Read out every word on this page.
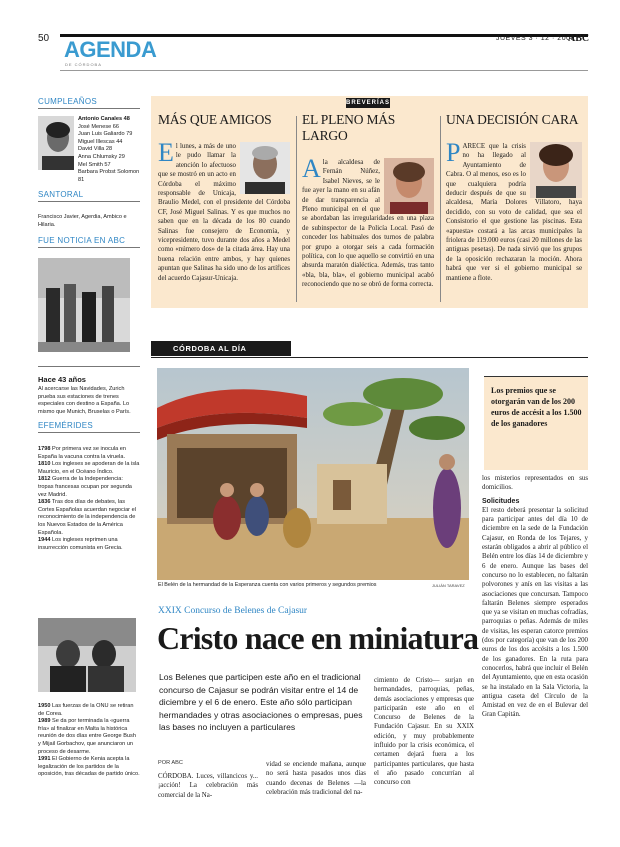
50 AGENDA
DE CÓRDOBA
JUEVES 3 · 12 · 2009
ABC
CUMPLEAÑOS
Antonio Canales 48
José Menese 66
Juan Luis Galiardo 79
Miguel Illescas 44
David Villa 28
Anna Chlumsky 29
Mel Smith 57
Barbara Probst Solomon 81
SANTORAL
Francisco Javier, Agerdia, Ambico e Hilaria.
FUE NOTICIA EN ABC
Hace 43 años
Al acercarse las Navidades, Zurich prueba sus estaciones de trenes especiales con destino a España. Lo mismo que Munich, Bruselas o París.
EFEMÉRIDES
1798 Por primera vez se inocula en España la vacuna contra la viruela.
1810 Los ingleses se apoderan de la isla Mauricio, en el Océano Índico.
1812 Guerra de la Independencia: tropas francesas ocupan por segunda vez Madrid.
1836 Tras dos días de debates, las Cortes Españolas acuerdan negociar el reconocimiento de la independencia de los Nuevos Estados de la América Española.
1944 Los ingleses reprimen una insurrección comunista en Grecia.
1950 Las fuerzas de la ONU se retiran de Corea.
1989 Se da por terminada la «guerra fría» al finalizar en Malta la histórica reunión de dos días entre George Bush y Mijail Gorbachov, que anunciaron un proceso de desarme.
1991 El Gobierno de Kenia acepta la legalización de los partidos de la oposición, tras décadas de partido único.
BREVERÍAS
MÁS QUE AMIGOS
El lunes, a más de uno le pudo llamar la atención lo afectuoso que se mostró en un acto en Córdoba el máximo responsable de Unicaja, Braulio Medel, con el presidente del Córdoba CF, José Miguel Salinas. Y es que muchos no saben que en la década de los 80 cuando Salinas fue consejero de Economía, y vicepresidente, tuvo durante dos años a Medel como «número dos» de la citada área. Hay una buena relación entre ambos, y hay quienes apuntan que Salinas ha sido uno de los artífices del acuerdo Cajasur-Unicaja.
EL PLENO MÁS LARGO
Ala alcaldesa de Fernán Núñez, Isabel Nieves, se le fue ayer la mano en su afán de dar transparencia al Pleno municipal en el que se abordaban las irregularidades en una plaza de subinspector de la Policía Local. Pasó de conceder los habituales dos turnos de palabra por grupo a otorgar seis a cada formación política, con lo que aquello se convirtió en una absurda maratón dialéctica. Además, tras tanto «bla, bla, bla», el gobierno municipal acabó reconociendo que no se obró de forma correcta.
UNA DECISIÓN CARA
PARECE que la crisis no ha llegado al Ayuntamiento de Cabra. O al menos, eso es lo que cualquiera podría deducir después de que su alcaldesa, María Dolores Villatoro, haya decidido, con su voto de calidad, que sea el Consistorio el que gestione las piscinas. Esta «apuesta» costará a las arcas municipales la friolera de 119.000 euros (casi 20 millones de las antiguas pesetas). De nada sirvió que los grupos de la oposición rechazaran la moción. Ahora habrá que ver si el gobierno municipal se mantiene a flote.
CÓRDOBA AL DÍA
El Belén de la hermandad de la Esperanza cuenta con varios primeros y segundos premios	JULIÁN TARAVEZ
Los premios que se otorgarán van de los 200 euros de accésit a los 1.500 de los ganadores
XXIX Concurso de Belenes de Cajasur
Cristo nace en miniatura
Los Belenes que participen este año en el tradicional concurso de Cajasur se podrán visitar entre el 14 de diciembre y el 6 de enero. Este año sólo participan hermandades y otras asociaciones o empresas, pues las bases no incluyen a particulares
POR ABC
CÓRDOBA. Luces, villancicos y... ¡acción! La celebración más comercial de la Na-
vidad se enciende mañana, aunque no será hasta pasados unos días cuando decenas de Belenes —la celebración más tradicional del na-
cimiento de Cristo— surjan en hermandades, parroquias, peñas, demás asociaciones y empresas que participarán este año en el Concurso de Belenes de la Fundación Cajasur. En su XXIX edición, y muy probablemente influido por la crisis económica, el certamen dejará fuera a los participantes particulares, que hasta el año pasado concurrían al concurso con
los misterios representados en sus domicilios.
Solicitudes
El resto deberá presentar la solicitud para participar antes del día 10 de diciembre en la sede de la Fundación Cajasur, en Ronda de los Tejares, y estarán obligados a abrir al público el Belén entre los días 14 de diciembre y 6 de enero. Aunque las bases del concurso no lo establecen, no faltarán polvorones y anís en las visitas a las asociaciones que concursan. Tampoco faltarán Belenes siempre esperados que ya se visitan en muchas cofradías, parroquias o peñas. Además de miles de visitas, les esperan catorce premios (dos por categoría) que van de los 200 euros de los dos accésits a los 1.500 de los ganadores. En la ruta para conocerlos, habrá que incluir el Belén del Ayuntamiento, que en esta ocasión se ha instalado en la Sala Victoria, la antigua caseta del Círculo de la Amistad en vez de en el Bulevar del Gran Capitán.
